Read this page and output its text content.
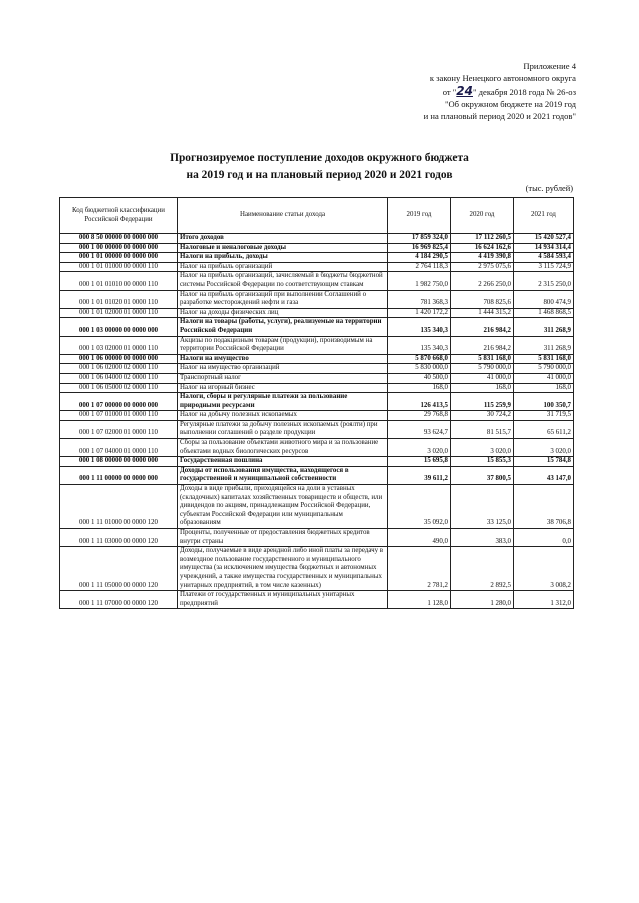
Приложение 4
к закону Ненецкого автономного округа
от "24" декабря 2018 года № 26-оз
"Об окружном бюджете на 2019 год
и на плановый период 2020 и 2021 годов"
Прогнозируемое поступление доходов окружного бюджета
на 2019 год и на плановый период 2020 и 2021 годов
(тыс. рублей)
Код бюджетной классификации Российской Федерации	Наименование статьи дохода	2019 год	2020 год	2021 год
000 8 50 00000 00 0000 000	Итого доходов	17 859 324,0	17 112 260,5	15 420 527,4
000 1 00 00000 00 0000 000	Налоговые и неналоговые доходы	16 969 825,4	16 624 162,6	14 934 314,4
000 1 01 00000 00 0000 000	Налоги на прибыль, доходы	4 184 290,5	4 419 390,8	4 584 593,4
000 1 01 01000 00 0000 110	Налог на прибыль организаций	2 764 118,3	2 975 075,6	3 115 724,9
000 1 01 01010 00 0000 110	Налог на прибыль организаций, зачисляемый в бюджеты бюджетной системы Российской Федерации по соответствующим ставкам	1 982 750,0	2 266 250,0	2 315 250,0
000 1 01 01020 01 0000 110	Налог на прибыль организаций при выполнении Соглашений о разработке месторождений нефти и газа	781 368,3	708 825,6	800 474,9
000 1 01 02000 01 0000 110	Налог на доходы физических лиц	1 420 172,2	1 444 315,2	1 468 868,5
000 1 03 00000 00 0000 000	Налоги на товары (работы, услуги), реализуемые на территории Российской Федерации	135 340,3	216 984,2	311 268,9
000 1 03 02000 01 0000 110	Акцизы по подакцизным товарам (продукции), производимым на территории Российской Федерации	135 340,3	216 984,2	311 268,9
000 1 06 00000 00 0000 000	Налоги на имущество	5 870 668,0	5 831 168,0	5 831 168,0
000 1 06 02000 02 0000 110	Налог на имущество организаций	5 830 000,0	5 790 000,0	5 790 000,0
000 1 06 04000 02 0000 110	Транспортный налог	40 500,0	41 000,0	41 000,0
000 1 06 05000 02 0000 110	Налог на игорный бизнес	168,0	168,0	168,0
000 1 07 00000 00 0000 000	Налоги, сборы и регулярные платежи за пользование природными ресурсами	126 413,5	115 259,9	100 350,7
000 1 07 01000 01 0000 110	Налог на добычу полезных ископаемых	29 768,8	30 724,2	31 719,5
000 1 07 02000 01 0000 110	Регулярные платежи за добычу полезных ископаемых (роялти) при выполнении соглашений о разделе продукции	93 624,7	81 515,7	65 611,2
000 1 07 04000 01 0000 110	Сборы за пользование объектами животного мира и за пользование объектами водных биологических ресурсов	3 020,0	3 020,0	3 020,0
000 1 08 00000 00 0000 000	Государственная пошлина	15 695,8	15 855,3	15 784,8
000 1 11 00000 00 0000 000	Доходы от использования имущества, находящегося в государственной и муниципальной собственности	39 611,2	37 800,5	43 147,0
000 1 11 01000 00 0000 120	Доходы в виде прибыли, приходящейся на доли в уставных (складочных) капиталах хозяйственных товариществ и обществ, или дивидендов по акциям, принадлежащим Российской Федерации, субъектам Российской Федерации или муниципальным образованиям	35 092,0	33 125,0	38 706,8
000 1 11 03000 00 0000 120	Проценты, полученные от предоставления бюджетных кредитов внутри страны	490,0	383,0	0,0
000 1 11 05000 00 0000 120	Доходы, получаемые в виде арендной либо иной платы за передачу в возмездное пользование государственного и муниципального имущества (за исключением имущества бюджетных и автономных учреждений, а также имущества государственных и муниципальных унитарных предприятий, в том числе казенных)	2 781,2	2 892,5	3 008,2
000 1 11 07000 00 0000 120	Платежи от государственных и муниципальных унитарных предприятий	1 128,0	1 280,0	1 312,0
